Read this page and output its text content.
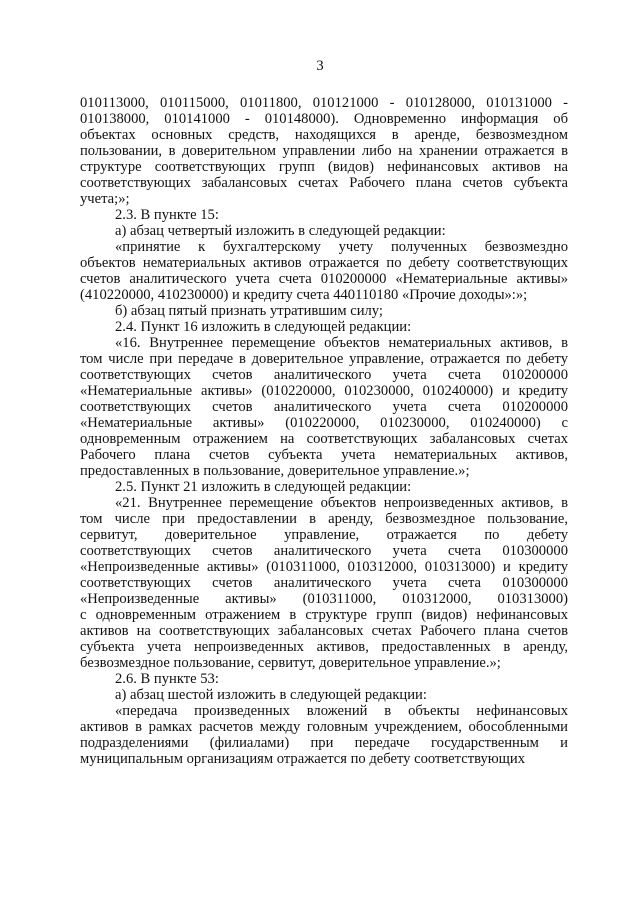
3

010113000, 010115000, 01011800, 010121000 - 010128000, 010131000 -
010138000, 010141000 - 010148000). Одновременно информация об
объектах основных средств, находящихся в аренде, безвозмездном
пользовании, в доверительном управлении либо на хранении отражается в
структуре соответствующих групп (видов) нефинансовых активов на
соответствующих забалансовых счетах Рабочего плана счетов субъекта
учета;»;

2.3. В пункте 15:

а) абзац четвертый изложить в следующей редакции:

«принятие к бухгалтерскому учету полученных безвозмездно
объектов нематериальных активов отражается по дебету соответствующих
счетов аналитического учета счета 010200000 «Нематериальные активы»
(410220000, 410230000) и кредиту счета 440110180 «Прочие доходы»:»;

б) абзац пятый признать утратившим силу;

2.4. Пункт 16 изложить в следующей редакции:

«16. Внутреннее перемещение объектов нематериальных активов, в
том числе при передаче в доверительное управление, отражается по дебету
соответствующих счетов аналитического учета счета 010200000
«Нематериальные активы» (010220000, 010230000, 010240000) и кредиту
соответствующих счетов аналитического учета счета 010200000
«Нематериальные активы» (010220000, 010230000, 010240000) с
одновременным отражением на соответствующих забалансовых счетах
Рабочего плана счетов субъекта учета нематериальных активов,
предоставленных в пользование, доверительное управление.»;

2.5. Пункт 21 изложить в следующей редакции:

«21. Внутреннее перемещение объектов непроизведенных активов, в
том числе при предоставлении в аренду, безвозмездное пользование,
сервитут, доверительное управление, отражается по дебету
соответствующих счетов аналитического учета счета 010300000
«Непроизведенные активы» (010311000, 010312000, 010313000) и кредиту
соответствующих счетов аналитического учета счета 010300000
«Непроизведенные активы» (010311000, 010312000, 010313000)
с одновременным отражением в структуре групп (видов) нефинансовых
активов на соответствующих забалансовых счетах Рабочего плана счетов
субъекта учета непроизведенных активов, предоставленных в аренду,
безвозмездное пользование, сервитут, доверительное управление.»;

2.6. В пункте 53:

а) абзац шестой изложить в следующей редакции:

«передача произведенных вложений в объекты нефинансовых
активов в рамках расчетов между головным учреждением, обособленными
подразделениями (филиалами) при передаче государственным и
муниципальным организациям отражается по дебету соответствующих
